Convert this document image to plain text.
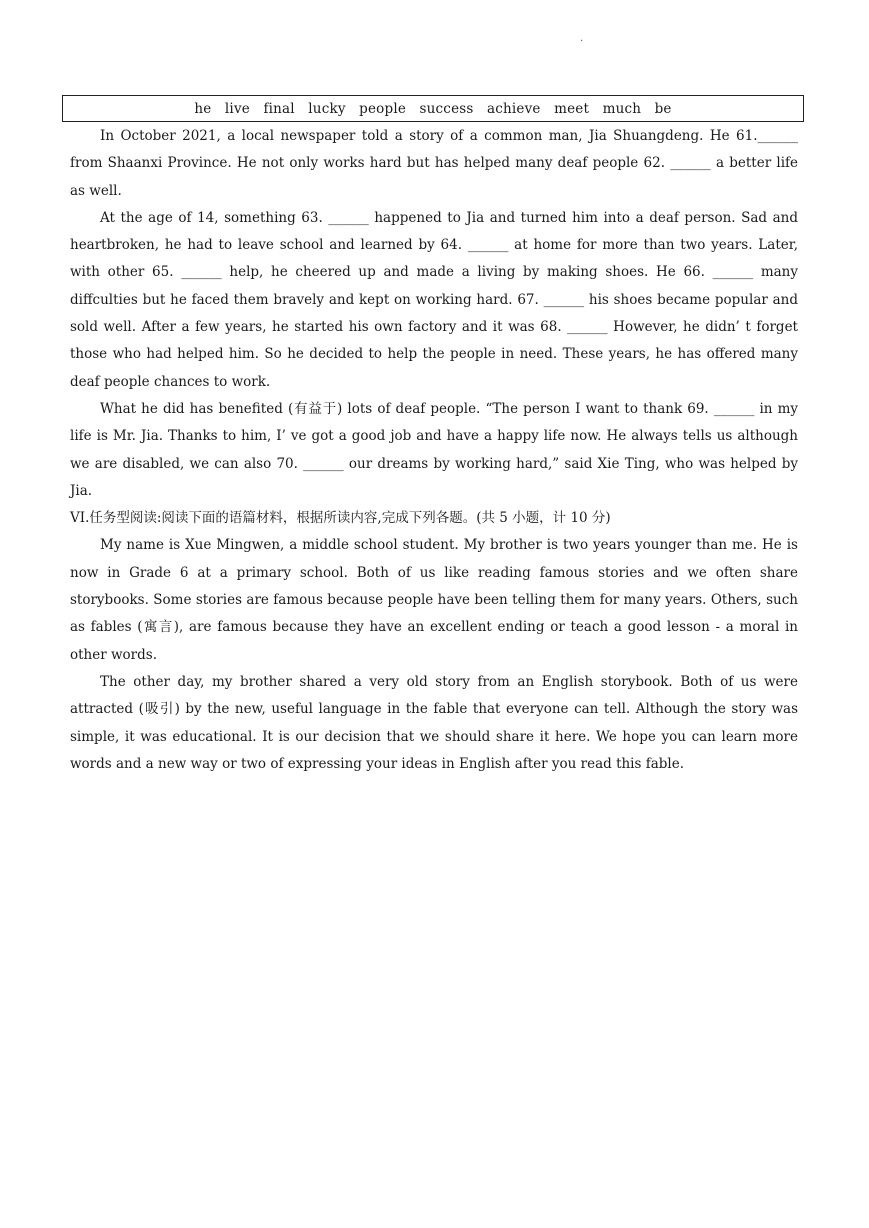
.
he   live   final   lucky   people   success   achieve   meet   much   be

In October 2021, a local newspaper told a story of a common man, Jia Shuangdeng. He 61.______ from Shaanxi Province. He not only works hard but has helped many deaf people 62. ______ a better life as well.

At the age of 14, something 63. ______ happened to Jia and turned him into a deaf person. Sad and heartbroken, he had to leave school and learned by 64. ______ at home for more than two years. Later, with other 65. ______ help, he cheered up and made a living by making shoes. He 66. ______ many diffculties but he faced them bravely and kept on working hard. 67. ______ his shoes became popular and sold well. After a few years, he started his own factory and it was 68. ______ However, he didn’ t forget those who had helped him. So he decided to help the people in need. These years, he has offered many deaf people chances to work.

What he did has benefited (有益于) lots of deaf people. “The person I want to thank 69. ______ in my life is Mr. Jia. Thanks to him, I’ ve got a good job and have a happy life now. He always tells us although we are disabled, we can also 70. ______ our dreams by working hard,” said Xie Ting, who was helped by Jia.

VI.任务型阅读:阅读下面的语篇材料，根据所读内容,完成下列各题。(共 5 小题，计 10 分)

My name is Xue Mingwen, a middle school student. My brother is two years younger than me. He is now in Grade 6 at a primary school. Both of us like reading famous stories and we often share storybooks. Some stories are famous because people have been telling them for many years. Others, such as fables (寓言), are famous because they have an excellent ending or teach a good lesson - a moral in other words.

The other day, my brother shared a very old story from an English storybook. Both of us were attracted (吸引) by the new, useful language in the fable that everyone can tell. Although the story was simple, it was educational. It is our decision that we should share it here. We hope you can learn more words and a new way or two of expressing your ideas in English after you read this fable.
